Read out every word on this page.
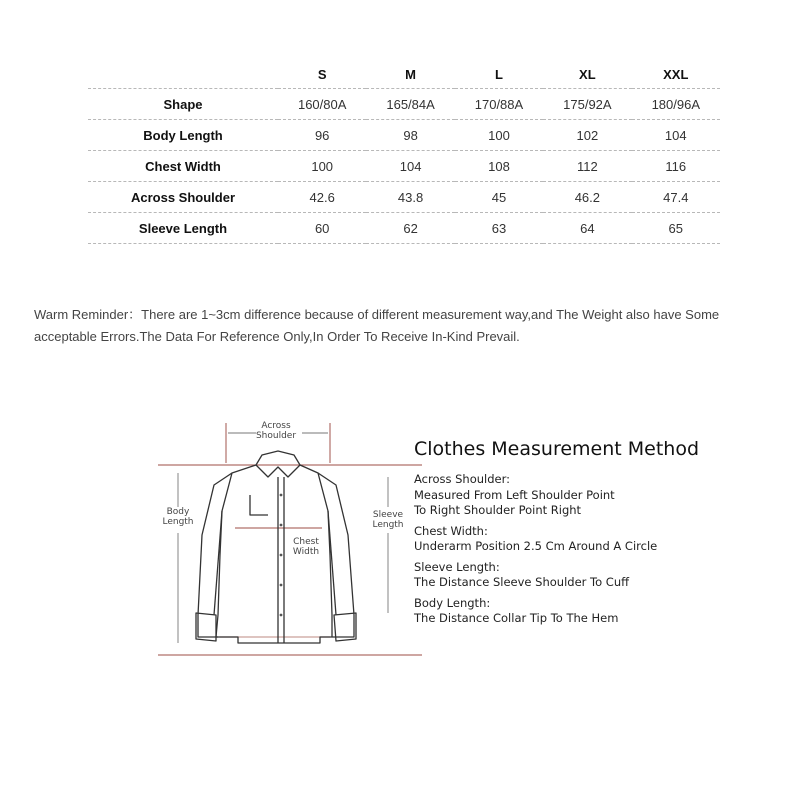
	S	M	L	XL	XXL
Shape	160/80A	165/84A	170/88A	175/92A	180/96A
Body Length	96	98	100	102	104
Chest Width	100	104	108	112	116
Across Shoulder	42.6	43.8	45	46.2	47.4
Sleeve Length	60	62	63	64	65
Warm Reminder：There are 1~3cm difference because of different measurement way,and The Weight also have Some
acceptable Errors.The Data For Reference Only,In Order To Receive In-Kind Prevail.
Across
Shoulder
Body
Length
Chest
Width
Sleeve
Length
Clothes Measurement Method
Across Shoulder:
Measured From Left Shoulder Point
To Right Shoulder Point Right
Chest Width:
Underarm Position 2.5 Cm Around A Circle
Sleeve Length:
The Distance Sleeve Shoulder To Cuff
Body Length:
The Distance Collar Tip To The Hem
